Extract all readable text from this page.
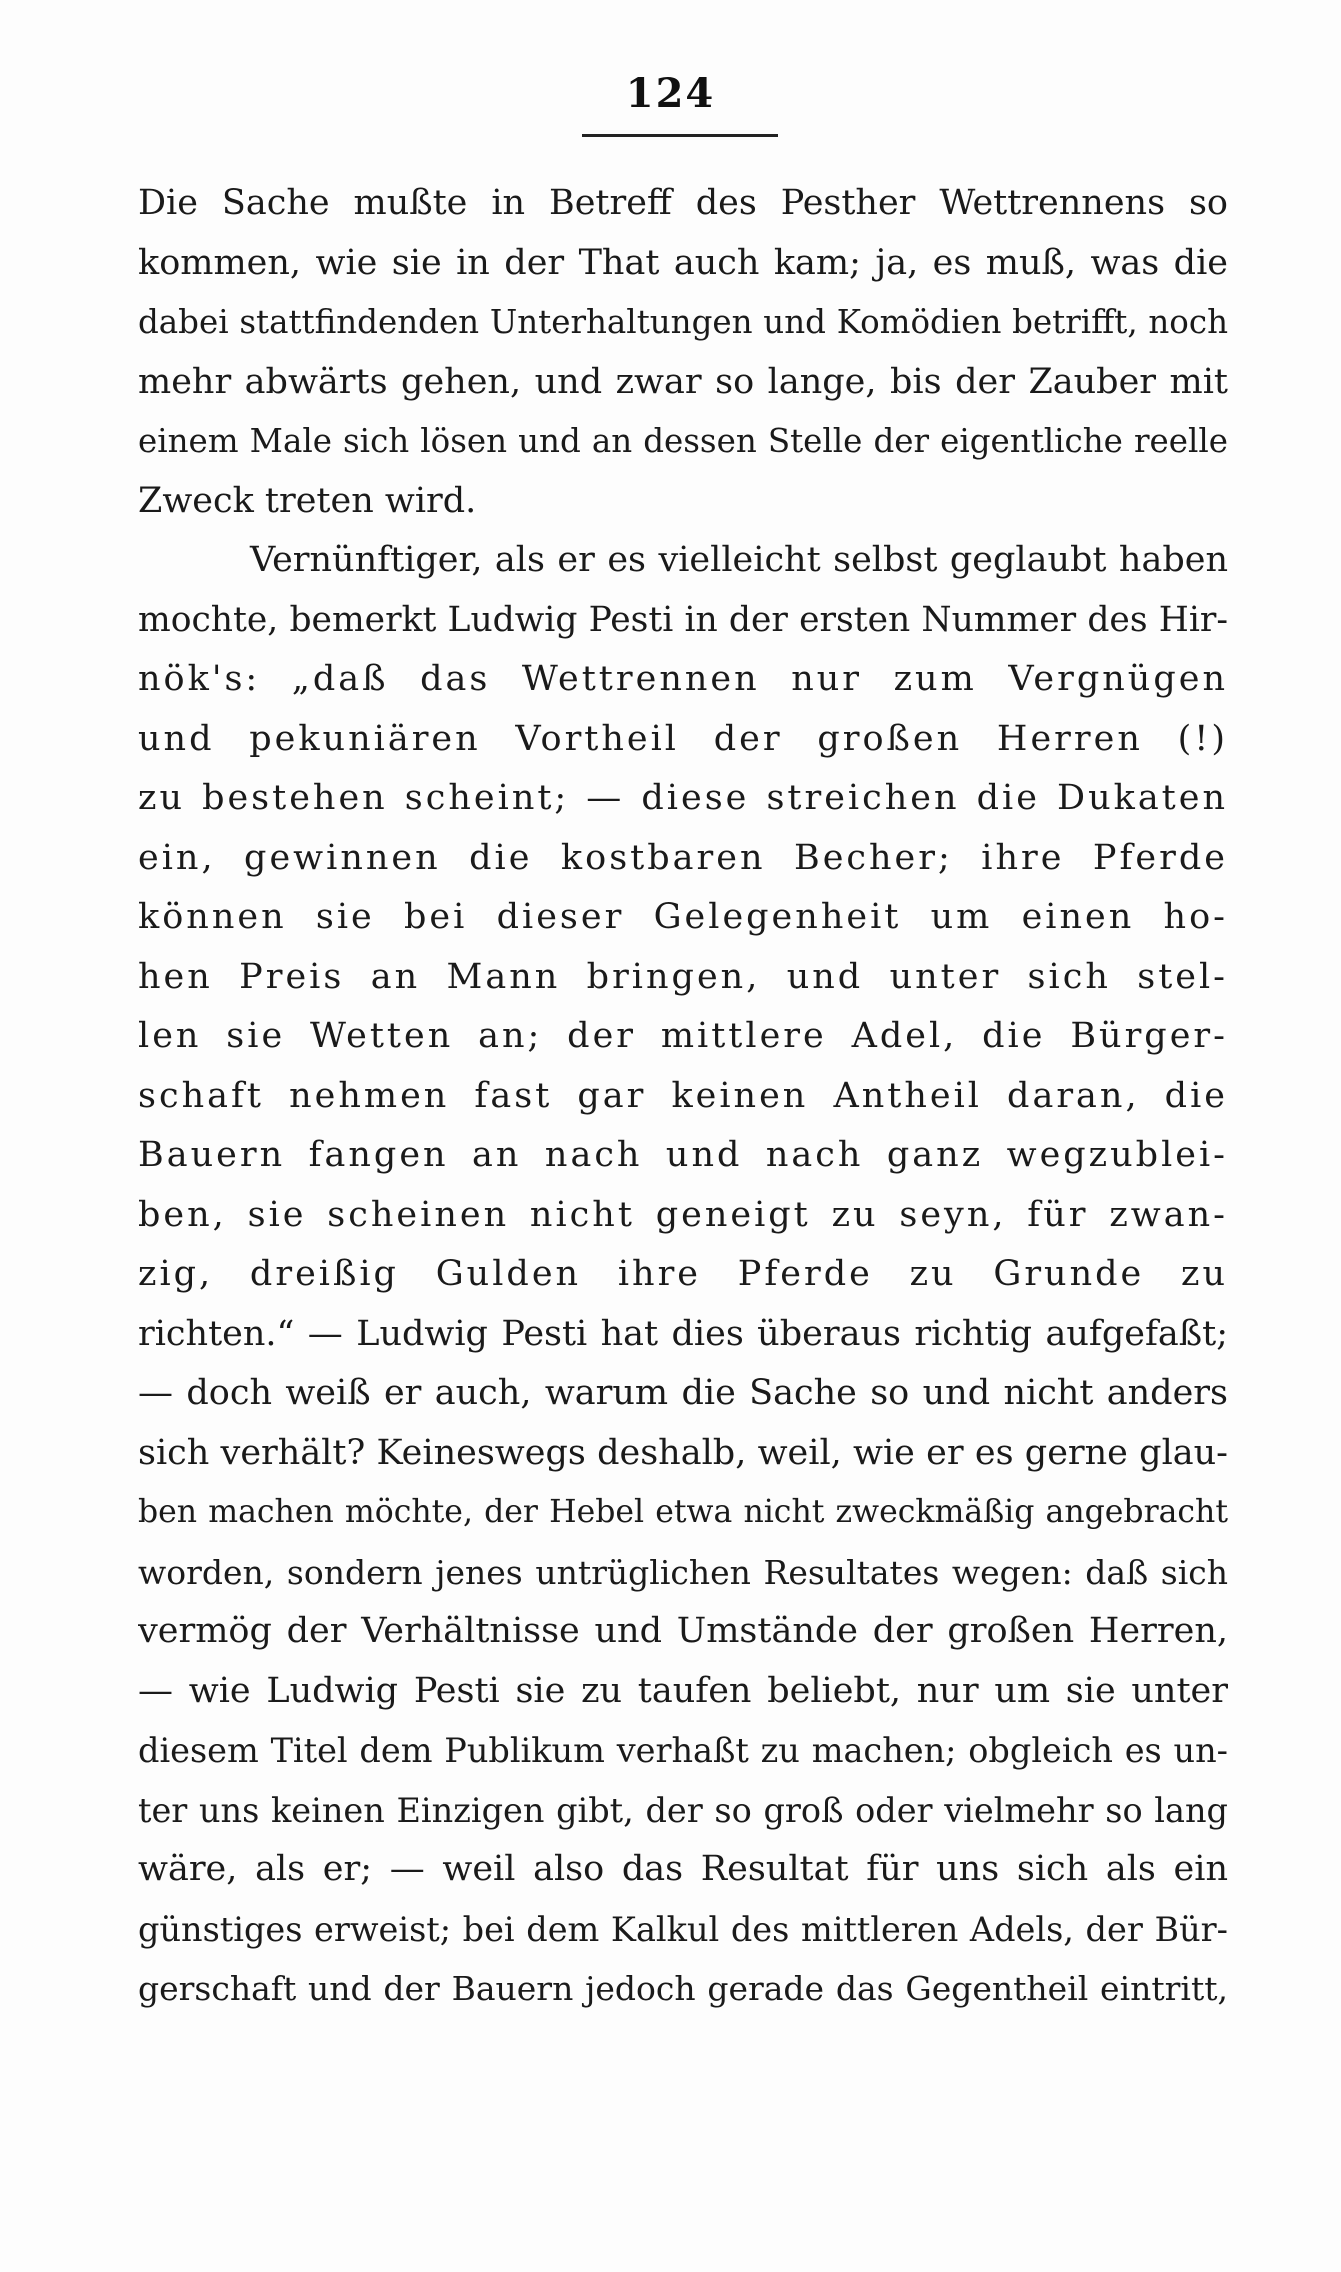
124
Die Sache mußte in Betreff des Pesther Wettrennens so
kommen, wie sie in der That auch kam; ja, es muß, was die
dabei stattfindenden Unterhaltungen und Komödien betrifft, noch
mehr abwärts gehen, und zwar so lange, bis der Zauber mit
einem Male sich lösen und an dessen Stelle der eigentliche reelle
Zweck treten wird.
Vernünftiger, als er es vielleicht selbst geglaubt haben
mochte, bemerkt Ludwig Pesti in der ersten Nummer des Hir-
nök's: „daß das Wettrennen nur zum Vergnügen
und pekuniären Vortheil der großen Herren (!)
zu bestehen scheint; — diese streichen die Dukaten
ein, gewinnen die kostbaren Becher; ihre Pferde
können sie bei dieser Gelegenheit um einen ho-
hen Preis an Mann bringen, und unter sich stel-
len sie Wetten an; der mittlere Adel, die Bürger-
schaft nehmen fast gar keinen Antheil daran, die
Bauern fangen an nach und nach ganz wegzublei-
ben, sie scheinen nicht geneigt zu seyn, für zwan-
zig, dreißig Gulden ihre Pferde zu Grunde zu
richten.“ — Ludwig Pesti hat dies überaus richtig aufgefaßt;
— doch weiß er auch, warum die Sache so und nicht anders
sich verhält? Keineswegs deshalb, weil, wie er es gerne glau-
ben machen möchte, der Hebel etwa nicht zweckmäßig angebracht
worden, sondern jenes untrüglichen Resultates wegen: daß sich
vermög der Verhältnisse und Umstände der großen Herren,
— wie Ludwig Pesti sie zu taufen beliebt, nur um sie unter
diesem Titel dem Publikum verhaßt zu machen; obgleich es un-
ter uns keinen Einzigen gibt, der so groß oder vielmehr so lang
wäre, als er; — weil also das Resultat für uns sich als ein
günstiges erweist; bei dem Kalkul des mittleren Adels, der Bür-
gerschaft und der Bauern jedoch gerade das Gegentheil eintritt,
